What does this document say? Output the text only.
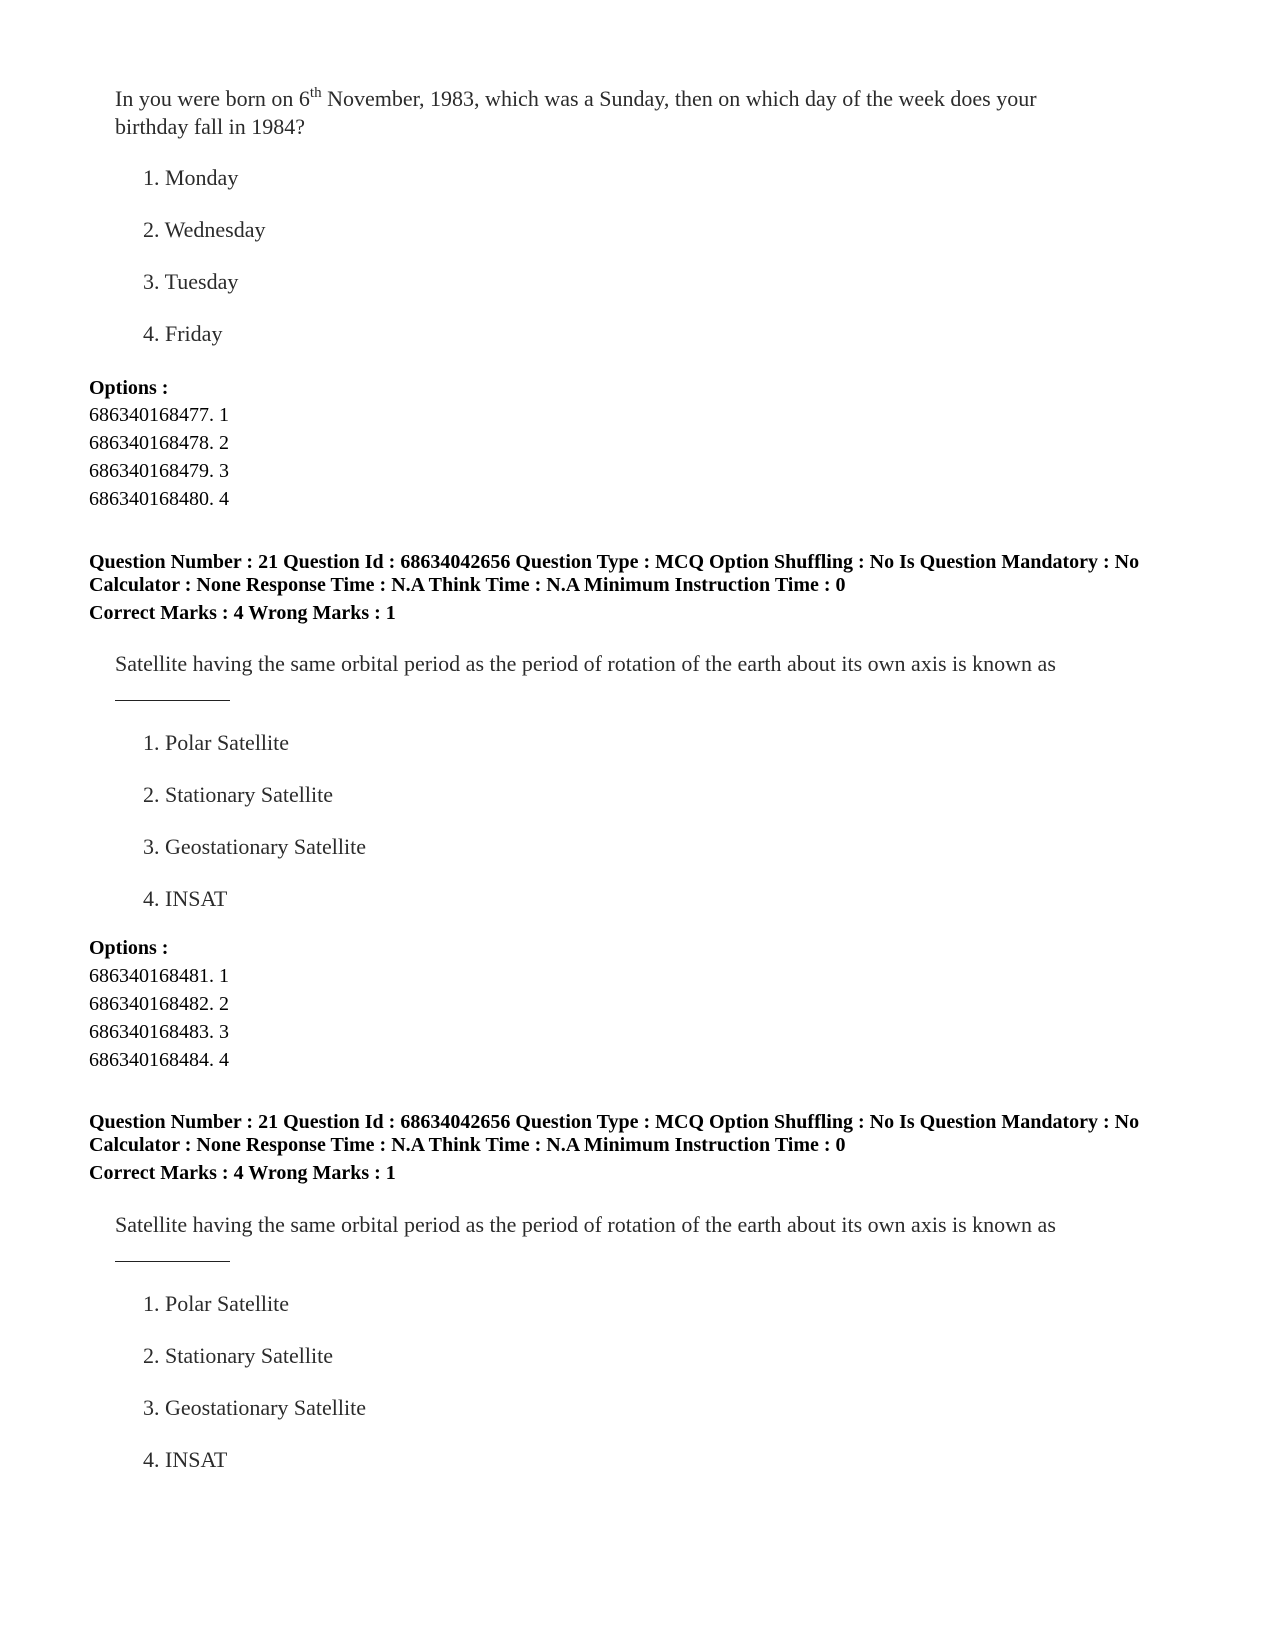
In you were born on 6th November, 1983, which was a Sunday, then on which day of the week does your birthday fall in 1984?

1. Monday

2. Wednesday

3. Tuesday

4. Friday

Options :

686340168477. 1

686340168478. 2

686340168479. 3

686340168480. 4

Question Number : 21 Question Id : 68634042656 Question Type : MCQ Option Shuffling : No Is Question Mandatory : No Calculator : None Response Time : N.A Think Time : N.A Minimum Instruction Time : 0

Correct Marks : 4 Wrong Marks : 1

Satellite having the same orbital period as the period of rotation of the earth about its own axis is known as

1. Polar Satellite

2. Stationary Satellite

3. Geostationary Satellite

4. INSAT

Options :

686340168481. 1

686340168482. 2

686340168483. 3

686340168484. 4

Question Number : 21 Question Id : 68634042656 Question Type : MCQ Option Shuffling : No Is Question Mandatory : No Calculator : None Response Time : N.A Think Time : N.A Minimum Instruction Time : 0

Correct Marks : 4 Wrong Marks : 1

Satellite having the same orbital period as the period of rotation of the earth about its own axis is known as

1. Polar Satellite

2. Stationary Satellite

3. Geostationary Satellite

4. INSAT
